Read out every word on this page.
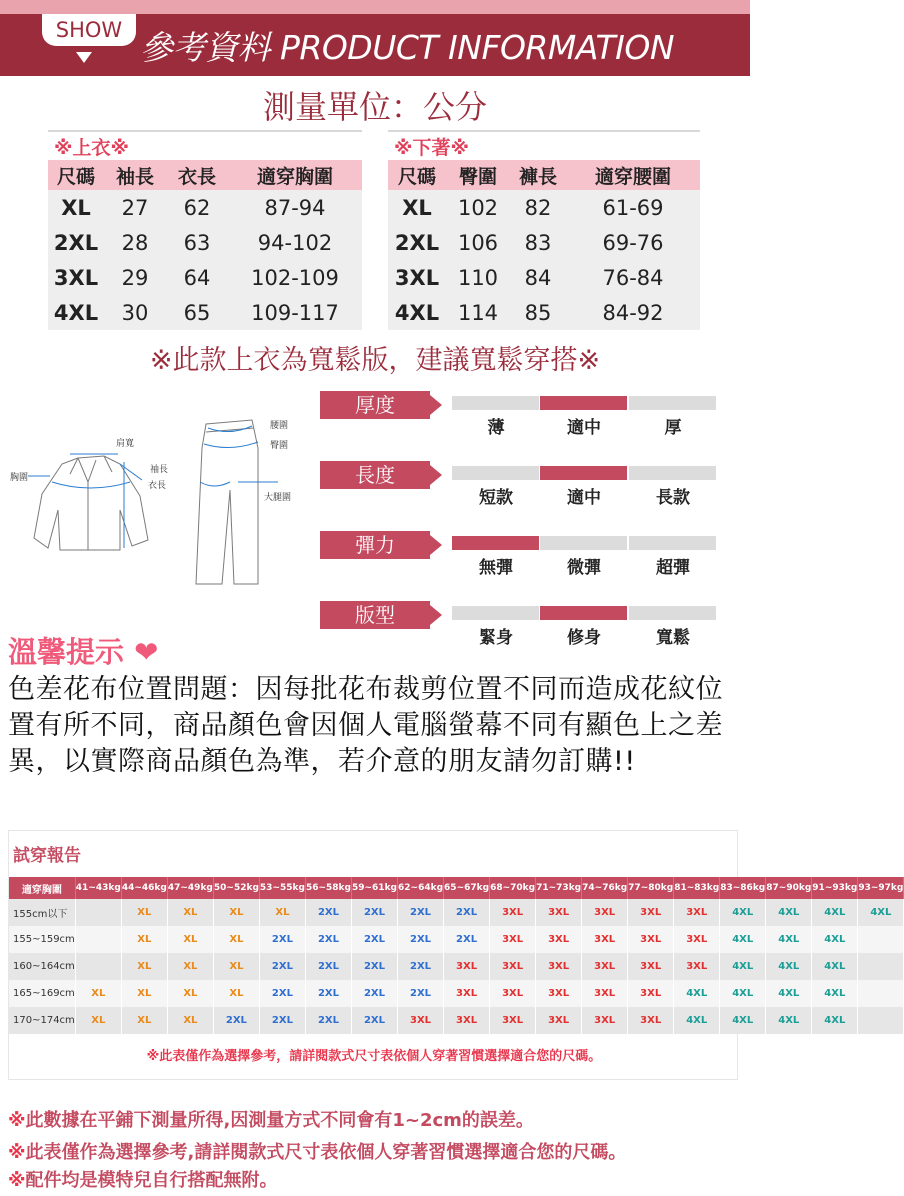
SHOW 參考資料 PRODUCT INFORMATION
測量單位：公分
※上衣※
尺碼	袖長	衣長	適穿胸圍
XL	27	62	87-94
2XL	28	63	94-102
3XL	29	64	102-109
4XL	30	65	109-117
※下著※
尺碼	臀圍	褲長	適穿腰圍
XL	102	82	61-69
2XL 106	83	69-76
3XL 110	84	76-84
4XL 114	85	84-92
※此款上衣為寬鬆版，建議寬鬆穿搭※
肩寬
袖長
衣長
胸圍
腰圍
臀圍
大腿圍
厚度
薄	適中	厚
長度
短款	適中	長款
彈力
無彈	微彈	超彈
版型
緊身	修身	寬鬆
溫馨提示 ❤
色差花布位置問題：因每批花布裁剪位置不同而造成花紋位置有所不同，商品顏色會因個人電腦螢幕不同有顯色上之差異，以實際商品顏色為準，若介意的朋友請勿訂購!!
試穿報告
適穿胸圍	41~43kg	44~46kg	47~49kg	50~52kg	53~55kg	56~58kg	59~61kg	62~64kg	65~67kg	68~70kg	71~73kg	74~76kg	77~80kg	81~83kg	83~86kg	87~90kg	91~93kg	93~97kg
155cm以下		XL	XL	XL	XL	2XL	2XL	2XL	2XL	3XL	3XL	3XL	3XL	3XL	4XL	4XL	4XL	4XL
155~159cm		XL	XL	XL	2XL	2XL	2XL	2XL	2XL	3XL	3XL	3XL	3XL	3XL	4XL	4XL	4XL	
160~164cm		XL	XL	XL	2XL	2XL	2XL	2XL	3XL	3XL	3XL	3XL	3XL	3XL	4XL	4XL	4XL	
165~169cm	XL	XL	XL	XL	2XL	2XL	2XL	2XL	3XL	3XL	3XL	3XL	3XL	4XL	4XL	4XL	4XL	
170~174cm	XL	XL	XL	2XL	2XL	2XL	2XL	3XL	3XL	3XL	3XL	3XL	3XL	4XL	4XL	4XL	4XL	
※此表僅作為選擇參考，請詳閱款式尺寸表依個人穿著習慣選擇適合您的尺碼。
※此數據在平鋪下測量所得,因測量方式不同會有1~2cm的誤差。
※此表僅作為選擇參考,請詳閱款式尺寸表依個人穿著習慣選擇適合您的尺碼。
※配件均是模特兒自行搭配無附。
